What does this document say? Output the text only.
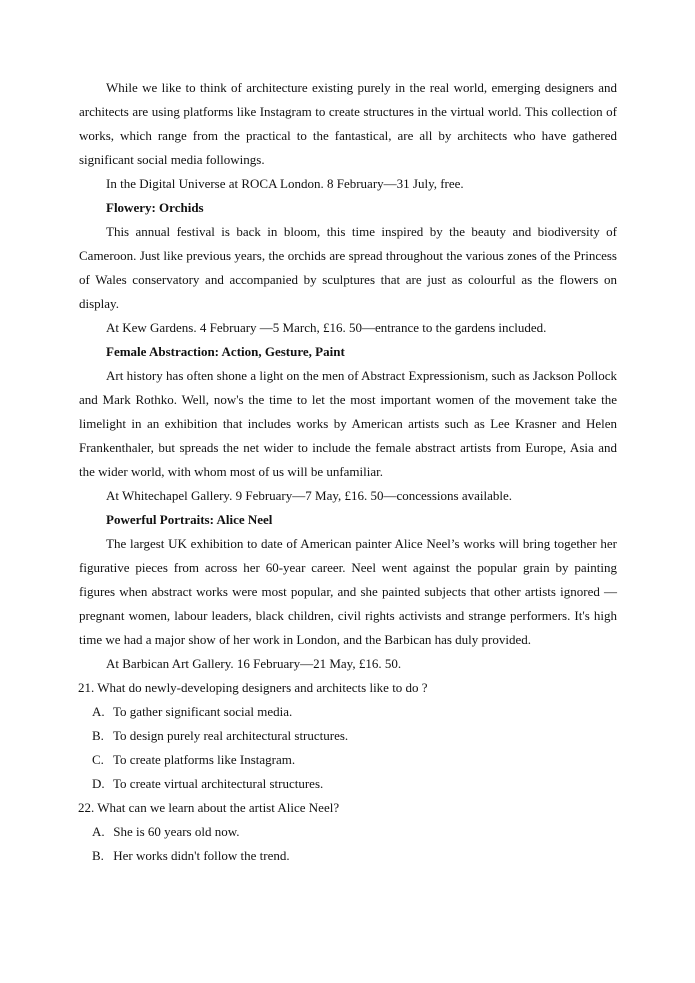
While we like to think of architecture existing purely in the real world, emerging designers and architects are using platforms like Instagram to create structures in the virtual world. This collection of works, which range from the practical to the fantastical, are all by architects who have gathered significant social media followings.

In the Digital Universe at ROCA London. 8 February—31 July, free.

Flowery: Orchids

This annual festival is back in bloom, this time inspired by the beauty and biodiversity of Cameroon. Just like previous years, the orchids are spread throughout the various zones of the Princess of Wales conservatory and accompanied by sculptures that are just as colourful as the flowers on display.

At Kew Gardens. 4 February —5 March, £16. 50—entrance to the gardens included.

Female Abstraction: Action, Gesture, Paint

Art history has often shone a light on the men of Abstract Expressionism, such as Jackson Pollock and Mark Rothko. Well, now's the time to let the most important women of the movement take the limelight in an exhibition that includes works by American artists such as Lee Krasner and Helen Frankenthaler, but spreads the net wider to include the female abstract artists from Europe, Asia and the wider world, with whom most of us will be unfamiliar.

At Whitechapel Gallery. 9 February—7 May, £16. 50—concessions available.

Powerful Portraits: Alice Neel

The largest UK exhibition to date of American painter Alice Neel’s works will bring together her figurative pieces from across her 60-year career. Neel went against the popular grain by painting figures when abstract works were most popular, and she painted subjects that other artists ignored — pregnant women, labour leaders, black children, civil rights activists and strange performers. It's high time we had a major show of her work in London, and the Barbican has duly provided.

At Barbican Art Gallery. 16 February—21 May, £16. 50.

21. What do newly-developing designers and architects like to do ?

A. To gather significant social media.

B. To design purely real architectural structures.

C. To create platforms like Instagram.

D. To create virtual architectural structures.

22. What can we learn about the artist Alice Neel?

A. She is 60 years old now.

B. Her works didn't follow the trend.
